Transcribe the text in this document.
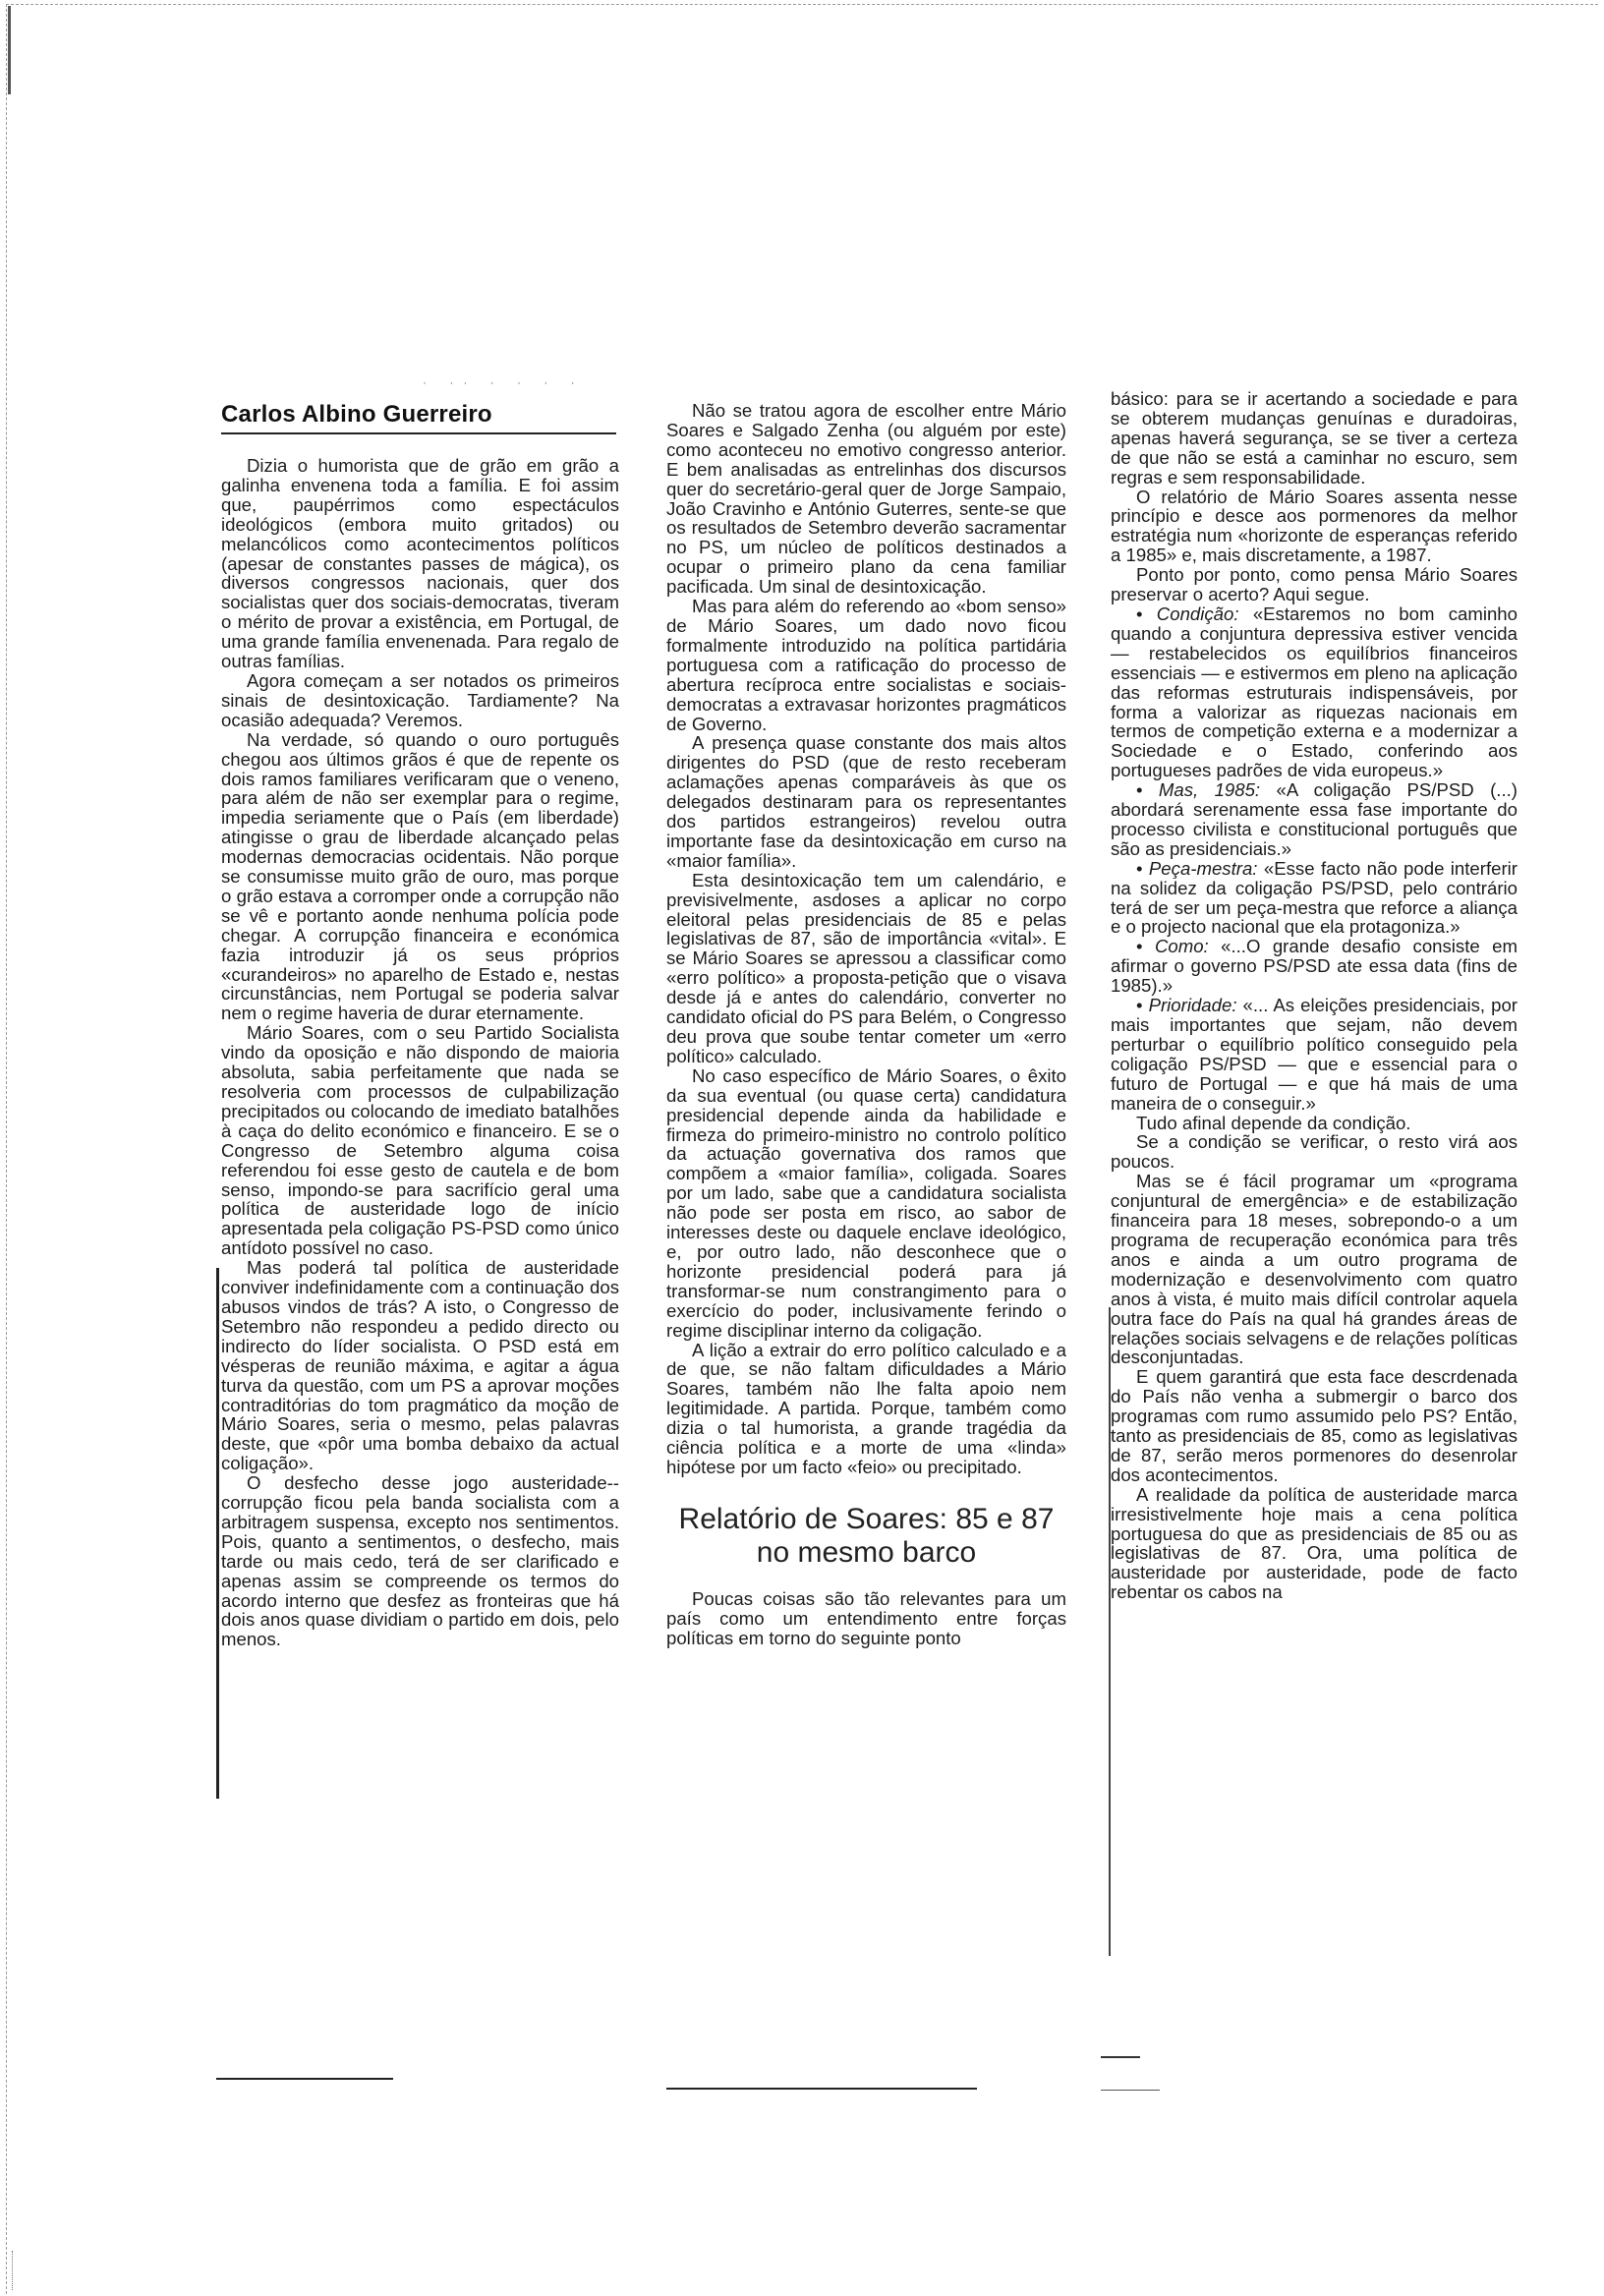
· ·· · · · ·
Carlos Albino Guerreiro

Dizia o humorista que de grão em grão a galinha envenena toda a família. E foi assim que, paupérrimos como espectáculos ideológicos (embora muito gritados) ou melancólicos como acontecimentos políticos (apesar de constantes passes de mágica), os diversos congressos nacionais, quer dos socialistas quer dos sociais-democratas, tiveram o mérito de provar a existência, em Portugal, de uma grande família envenenada. Para regalo de outras famílias.

Agora começam a ser notados os primeiros sinais de desintoxicação. Tardiamente? Na ocasião adequada? Veremos.

Na verdade, só quando o ouro português chegou aos últimos grãos é que de repente os dois ramos familiares verificaram que o veneno, para além de não ser exemplar para o regime, impedia seriamente que o País (em liberdade) atingisse o grau de liberdade alcançado pelas modernas democracias ocidentais. Não porque se consumisse muito grão de ouro, mas porque o grão estava a corromper onde a corrupção não se vê e portanto aonde nenhuma polícia pode chegar. A corrupção financeira e económica fazia introduzir já os seus próprios «curandeiros» no aparelho de Estado e, nestas circunstâncias, nem Portugal se poderia salvar nem o regime haveria de durar eternamente.

Mário Soares, com o seu Partido Socialista vindo da oposição e não dispondo de maioria absoluta, sabia perfeitamente que nada se resolveria com processos de culpabilização precipitados ou colocando de imediato batalhões à caça do delito económico e financeiro. E se o Congresso de Setembro alguma coisa referendou foi esse gesto de cautela e de bom senso, impondo-se para sacrifício geral uma política de austeridade logo de início apresentada pela coligação PS-PSD como único antídoto possível no caso.

Mas poderá tal política de austeridade conviver indefinidamente com a continuação dos abusos vindos de trás? A isto, o Congresso de Setembro não respondeu a pedido directo ou indirecto do líder socialista. O PSD está em vésperas de reunião máxima, e agitar a água turva da questão, com um PS a aprovar moções contraditórias do tom pragmático da moção de Mário Soares, seria o mesmo, pelas palavras deste, que «pôr uma bomba debaixo da actual coligação».

O desfecho desse jogo austeridade--corrupção ficou pela banda socialista com a arbitragem suspensa, excepto nos sentimentos. Pois, quanto a sentimentos, o desfecho, mais tarde ou mais cedo, terá de ser clarificado e apenas assim se compreende os termos do acordo interno que desfez as fronteiras que há dois anos quase dividiam o partido em dois, pelo menos.

Não se tratou agora de escolher entre Mário Soares e Salgado Zenha (ou alguém por este) como aconteceu no emotivo congresso anterior. E bem analisadas as entrelinhas dos discursos quer do secretário-geral quer de Jorge Sampaio, João Cravinho e António Guterres, sente-se que os resultados de Setembro deverão sacramentar no PS, um núcleo de políticos destinados a ocupar o primeiro plano da cena familiar pacificada. Um sinal de desintoxicação.

Mas para além do referendo ao «bom senso» de Mário Soares, um dado novo ficou formalmente introduzido na política partidária portuguesa com a ratificação do processo de abertura recíproca entre socialistas e sociais-democratas a extravasar horizontes pragmáticos de Governo.

A presença quase constante dos mais altos dirigentes do PSD (que de resto receberam aclamações apenas comparáveis às que os delegados destinaram para os representantes dos partidos estrangeiros) revelou outra importante fase da desintoxicação em curso na «maior família».

Esta desintoxicação tem um calendário, e previsivelmente, asdoses a aplicar no corpo eleitoral pelas presidenciais de 85 e pelas legislativas de 87, são de importância «vital». E se Mário Soares se apressou a classificar como «erro político» a proposta-petição que o visava desde já e antes do calendário, converter no candidato oficial do PS para Belém, o Congresso deu prova que soube tentar cometer um «erro político» calculado.

No caso específico de Mário Soares, o êxito da sua eventual (ou quase certa) candidatura presidencial depende ainda da habilidade e firmeza do primeiro-ministro no controlo político da actuação governativa dos ramos que compõem a «maior família», coligada. Soares por um lado, sabe que a candidatura socialista não pode ser posta em risco, ao sabor de interesses deste ou daquele enclave ideológico, e, por outro lado, não desconhece que o horizonte presidencial poderá para já transformar-se num constrangimento para o exercício do poder, inclusivamente ferindo o regime disciplinar interno da coligação.

A lição a extrair do erro político calculado e a de que, se não faltam dificuldades a Mário Soares, também não lhe falta apoio nem legitimidade. A partida. Porque, também como dizia o tal humorista, a grande tragédia da ciência política e a morte de uma «linda» hipótese por um facto «feio» ou precipitado.

Relatório de Soares: 85 e 87 no mesmo barco

Poucas coisas são tão relevantes para um país como um entendimento entre forças políticas em torno do seguinte ponto

básico: para se ir acertando a sociedade e para se obterem mudanças genuínas e duradoiras, apenas haverá segurança, se se tiver a certeza de que não se está a caminhar no escuro, sem regras e sem responsabilidade.

O relatório de Mário Soares assenta nesse princípio e desce aos pormenores da melhor estratégia num «horizonte de esperanças referido a 1985» e, mais discretamente, a 1987.

Ponto por ponto, como pensa Mário Soares preservar o acerto? Aqui segue.

• Condição: «Estaremos no bom caminho quando a conjuntura depressiva estiver vencida — restabelecidos os equilíbrios financeiros essenciais — e estivermos em pleno na aplicação das reformas estruturais indispensáveis, por forma a valorizar as riquezas nacionais em termos de competição externa e a modernizar a Sociedade e o Estado, conferindo aos portugueses padrões de vida europeus.»

• Mas, 1985: «A coligação PS/PSD (...) abordará serenamente essa fase importante do processo civilista e constitucional português que são as presidenciais.»

• Peça-mestra: «Esse facto não pode interferir na solidez da coligação PS/PSD, pelo contrário terá de ser um peça-mestra que reforce a aliança e o projecto nacional que ela protagoniza.»

• Como: «...O grande desafio consiste em afirmar o governo PS/PSD ate essa data (fins de 1985).»

• Prioridade: «... As eleições presidenciais, por mais importantes que sejam, não devem perturbar o equilíbrio político conseguido pela coligação PS/PSD — que e essencial para o futuro de Portugal — e que há mais de uma maneira de o conseguir.»

Tudo afinal depende da condição.

Se a condição se verificar, o resto virá aos poucos.

Mas se é fácil programar um «programa conjuntural de emergência» e de estabilização financeira para 18 meses, sobrepondo-o a um programa de recuperação económica para três anos e ainda a um outro programa de modernização e desenvolvimento com quatro anos à vista, é muito mais difícil controlar aquela outra face do País na qual há grandes áreas de relações sociais selvagens e de relações políticas desconjuntadas.

E quem garantirá que esta face descrdenada do País não venha a submergir o barco dos programas com rumo assumido pelo PS? Então, tanto as presidenciais de 85, como as legislativas de 87, serão meros pormenores do desenrolar dos acontecimentos.

A realidade da política de austeridade marca irresistivelmente hoje mais a cena política portuguesa do que as presidenciais de 85 ou as legislativas de 87. Ora, uma política de austeridade por austeridade, pode de facto rebentar os cabos na
